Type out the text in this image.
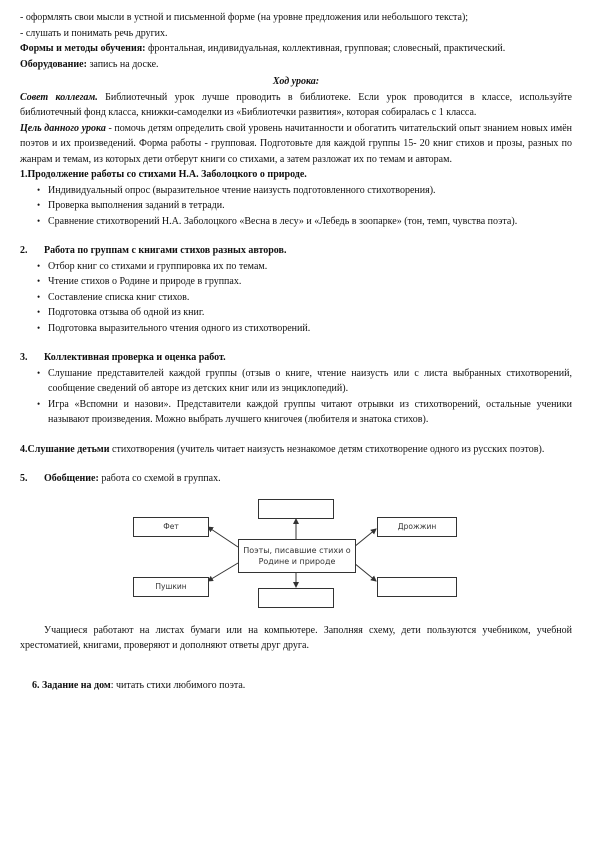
- оформлять свои мысли в устной и письменной форме (на уровне предложения или небольшого текста);

- слушать и понимать речь других.

Формы и методы обучения: фронтальная, индивидуальная, коллективная, групповая; словесный, практический.

Оборудование: запись на доске.

Ход урока:

Совет коллегам. Библиотечный урок лучше проводить в библиотеке. Если урок проводится в классе, используйте библиотечный фонд класса, книжки-самоделки из «Библиотечки развития», которая собиралась с 1 класса.

Цель данного урока - помочь детям определить свой уровень начитанности и обогатить читательский опыт знанием новых имён поэтов и их произведений. Форма работы - групповая. Подготовьте для каждой группы 15- 20 книг стихов и прозы, разных по жанрам и темам, из которых дети отберут книги со стихами, а затем разложат их по темам и авторам.

1.Продолжение работы со стихами Н.А. Заболоцкого о природе.

• Индивидуальный опрос (выразительное чтение наизусть подготовленного стихотворения).
• Проверка выполнения заданий в тетради.
• Сравнение стихотворений Н.А. Заболоцкого «Весна в лесу» и «Лебедь в зоопарке» (тон, темп, чувства поэта).

2. Работа по группам с книгами стихов разных авторов.

• Отбор книг со стихами и группировка их по темам.
• Чтение стихов о Родине и природе в группах.
• Составление списка книг стихов.
• Подготовка отзыва об одной из книг.
• Подготовка выразительного чтения одного из стихотворений.

3. Коллективная проверка и оценка работ.

• Слушание представителей каждой группы (отзыв о книге, чтение наизусть или с листа выбранных стихотворений, сообщение сведений об авторе из детских книг или из энциклопедий).
• Игра «Вспомни и назови». Представители каждой группы читают отрывки из стихотворений, остальные ученики называют произведения. Можно выбрать лучшего книгочея (любителя и знатока стихов).

4.Слушание детьми стихотворения (учитель читает наизусть незнакомое детям стихотворение одного из русских поэтов).

5. Обобщение: работа со схемой в группах.

Фет	Дрожжин
Поэты, писавшие стихи о Родине и природе
Пушкин

Учащиеся работают на листах бумаги или на компьютере. Заполняя схему, дети пользуются учебником, учебной хрестоматией, книгами, проверяют и дополняют ответы друг друга.

6. Задание на дом: читать стихи любимого поэта.
